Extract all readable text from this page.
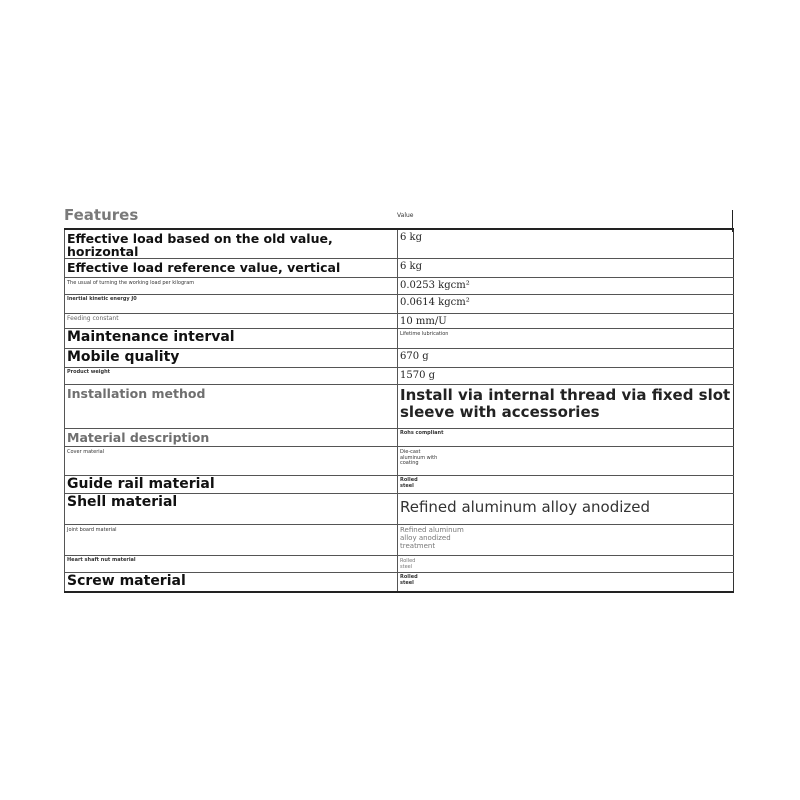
Features	Value
Effective load based on the old value, horizontal	6 kg
Effective load reference value, vertical	6 kg
The usual of turning the working load per kilogram	0.0253 kgcm²
Inertial kinetic energy J0	0.0614 kgcm²
Feeding constant	10 mm/U
Maintenance interval	Lifetime lubrication
Mobile quality	670 g
Product weight	1570 g
Installation method	Install via internal thread via fixed slot sleeve with accessories
Material description	Rohs compliant
Cover material	Die-cast aluminum with coating
Guide rail material	Rolled steel
Shell material	Refined aluminum alloy anodized
Joint board material	Refined aluminum alloy anodized treatment
Heart shaft nut material	Rolled steel
Screw material	Rolled steel
